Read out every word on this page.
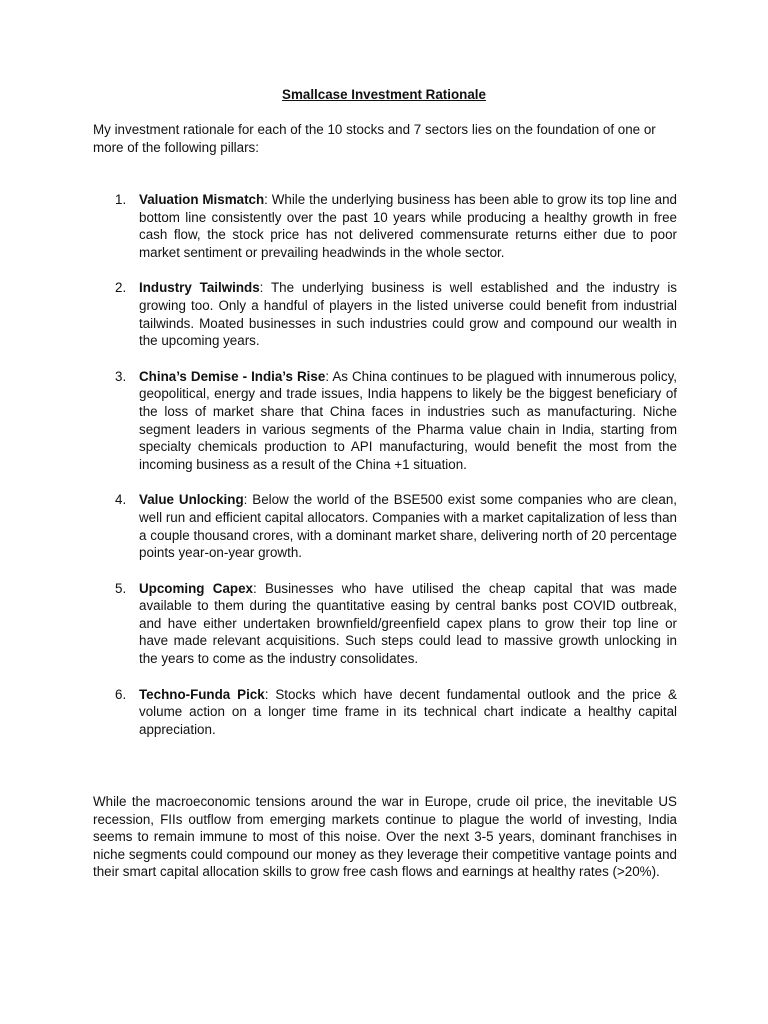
Smallcase Investment Rationale

My investment rationale for each of the 10 stocks and 7 sectors lies on the foundation of one or more of the following pillars:

1. Valuation Mismatch: While the underlying business has been able to grow its top line and bottom line consistently over the past 10 years while producing a healthy growth in free cash flow, the stock price has not delivered commensurate returns either due to poor market sentiment or prevailing headwinds in the whole sector.
2. Industry Tailwinds: The underlying business is well established and the industry is growing too. Only a handful of players in the listed universe could benefit from industrial tailwinds. Moated businesses in such industries could grow and compound our wealth in the upcoming years.
3. China’s Demise - India’s Rise: As China continues to be plagued with innumerous policy, geopolitical, energy and trade issues, India happens to likely be the biggest beneficiary of the loss of market share that China faces in industries such as manufacturing. Niche segment leaders in various segments of the Pharma value chain in India, starting from specialty chemicals production to API manufacturing, would benefit the most from the incoming business as a result of the China +1 situation.
4. Value Unlocking: Below the world of the BSE500 exist some companies who are clean, well run and efficient capital allocators. Companies with a market capitalization of less than a couple thousand crores, with a dominant market share, delivering north of 20 percentage points year-on-year growth.
5. Upcoming Capex: Businesses who have utilised the cheap capital that was made available to them during the quantitative easing by central banks post COVID outbreak, and have either undertaken brownfield/greenfield capex plans to grow their top line or have made relevant acquisitions. Such steps could lead to massive growth unlocking in the years to come as the industry consolidates.
6. Techno-Funda Pick: Stocks which have decent fundamental outlook and the price & volume action on a longer time frame in its technical chart indicate a healthy capital appreciation.

While the macroeconomic tensions around the war in Europe, crude oil price, the inevitable US recession, FIIs outflow from emerging markets continue to plague the world of investing, India seems to remain immune to most of this noise. Over the next 3-5 years, dominant franchises in niche segments could compound our money as they leverage their competitive vantage points and their smart capital allocation skills to grow free cash flows and earnings at healthy rates (>20%).
